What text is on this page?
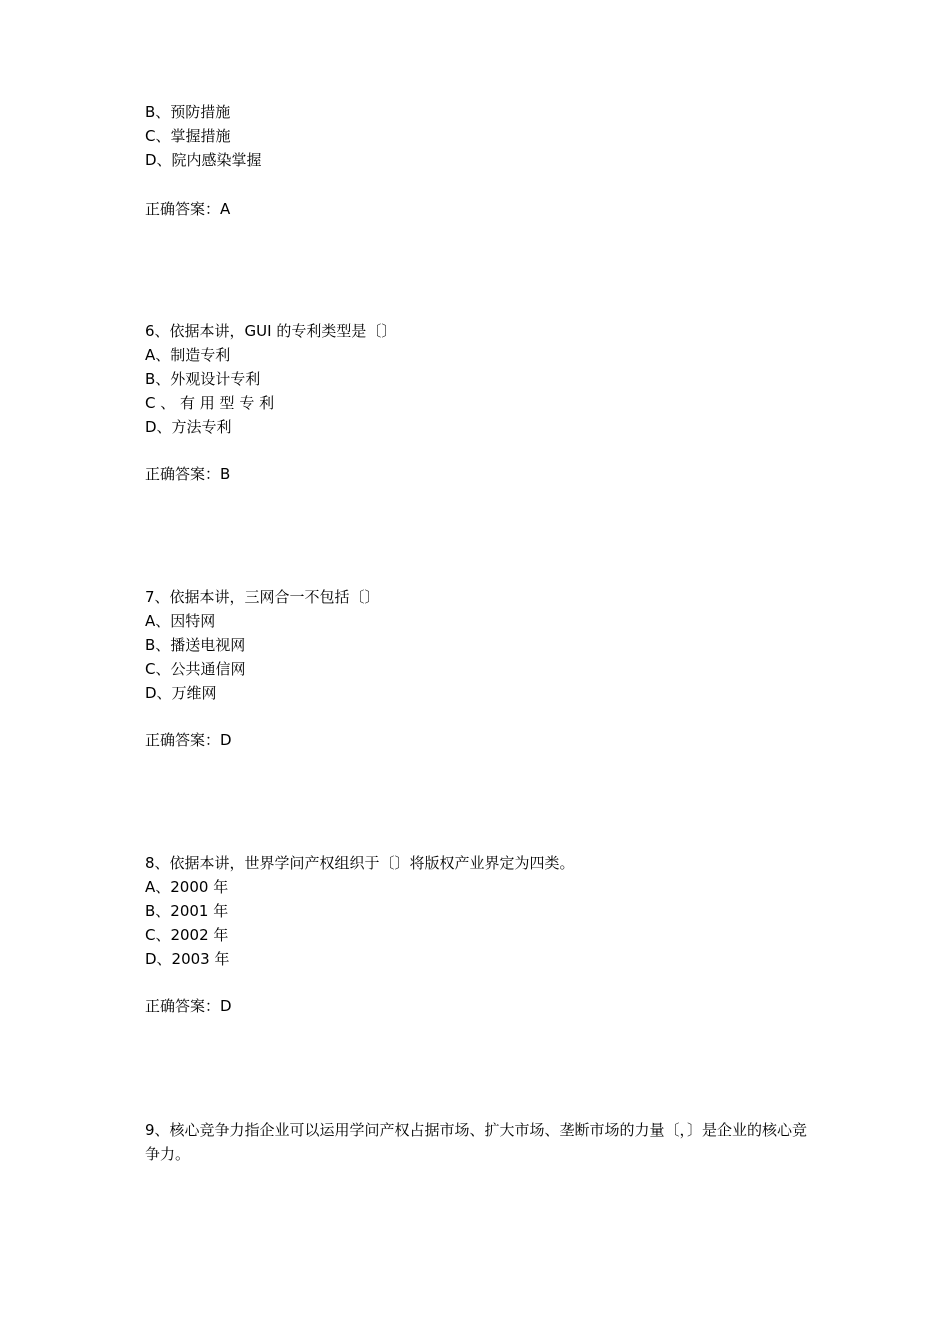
B、预防措施
C、掌握措施
D、院内感染掌握
正确答案：A
6、依据本讲，GUI 的专利类型是〔〕
A、制造专利
B、外观设计专利
C 、 有 用 型 专 利
D、方法专利
正确答案：B
7、依据本讲，三网合一不包括〔〕
A、因特网
B、播送电视网
C、公共通信网
D、万维网
正确答案：D
8、依据本讲，世界学问产权组织于〔〕将版权产业界定为四类。
A、2000 年
B、2001 年
C、2002 年
D、2003 年
正确答案：D
9、核心竞争力指企业可以运用学问产权占据市场、扩大市场、垄断市场的力量〔，〕是企业的核心竞争力。
